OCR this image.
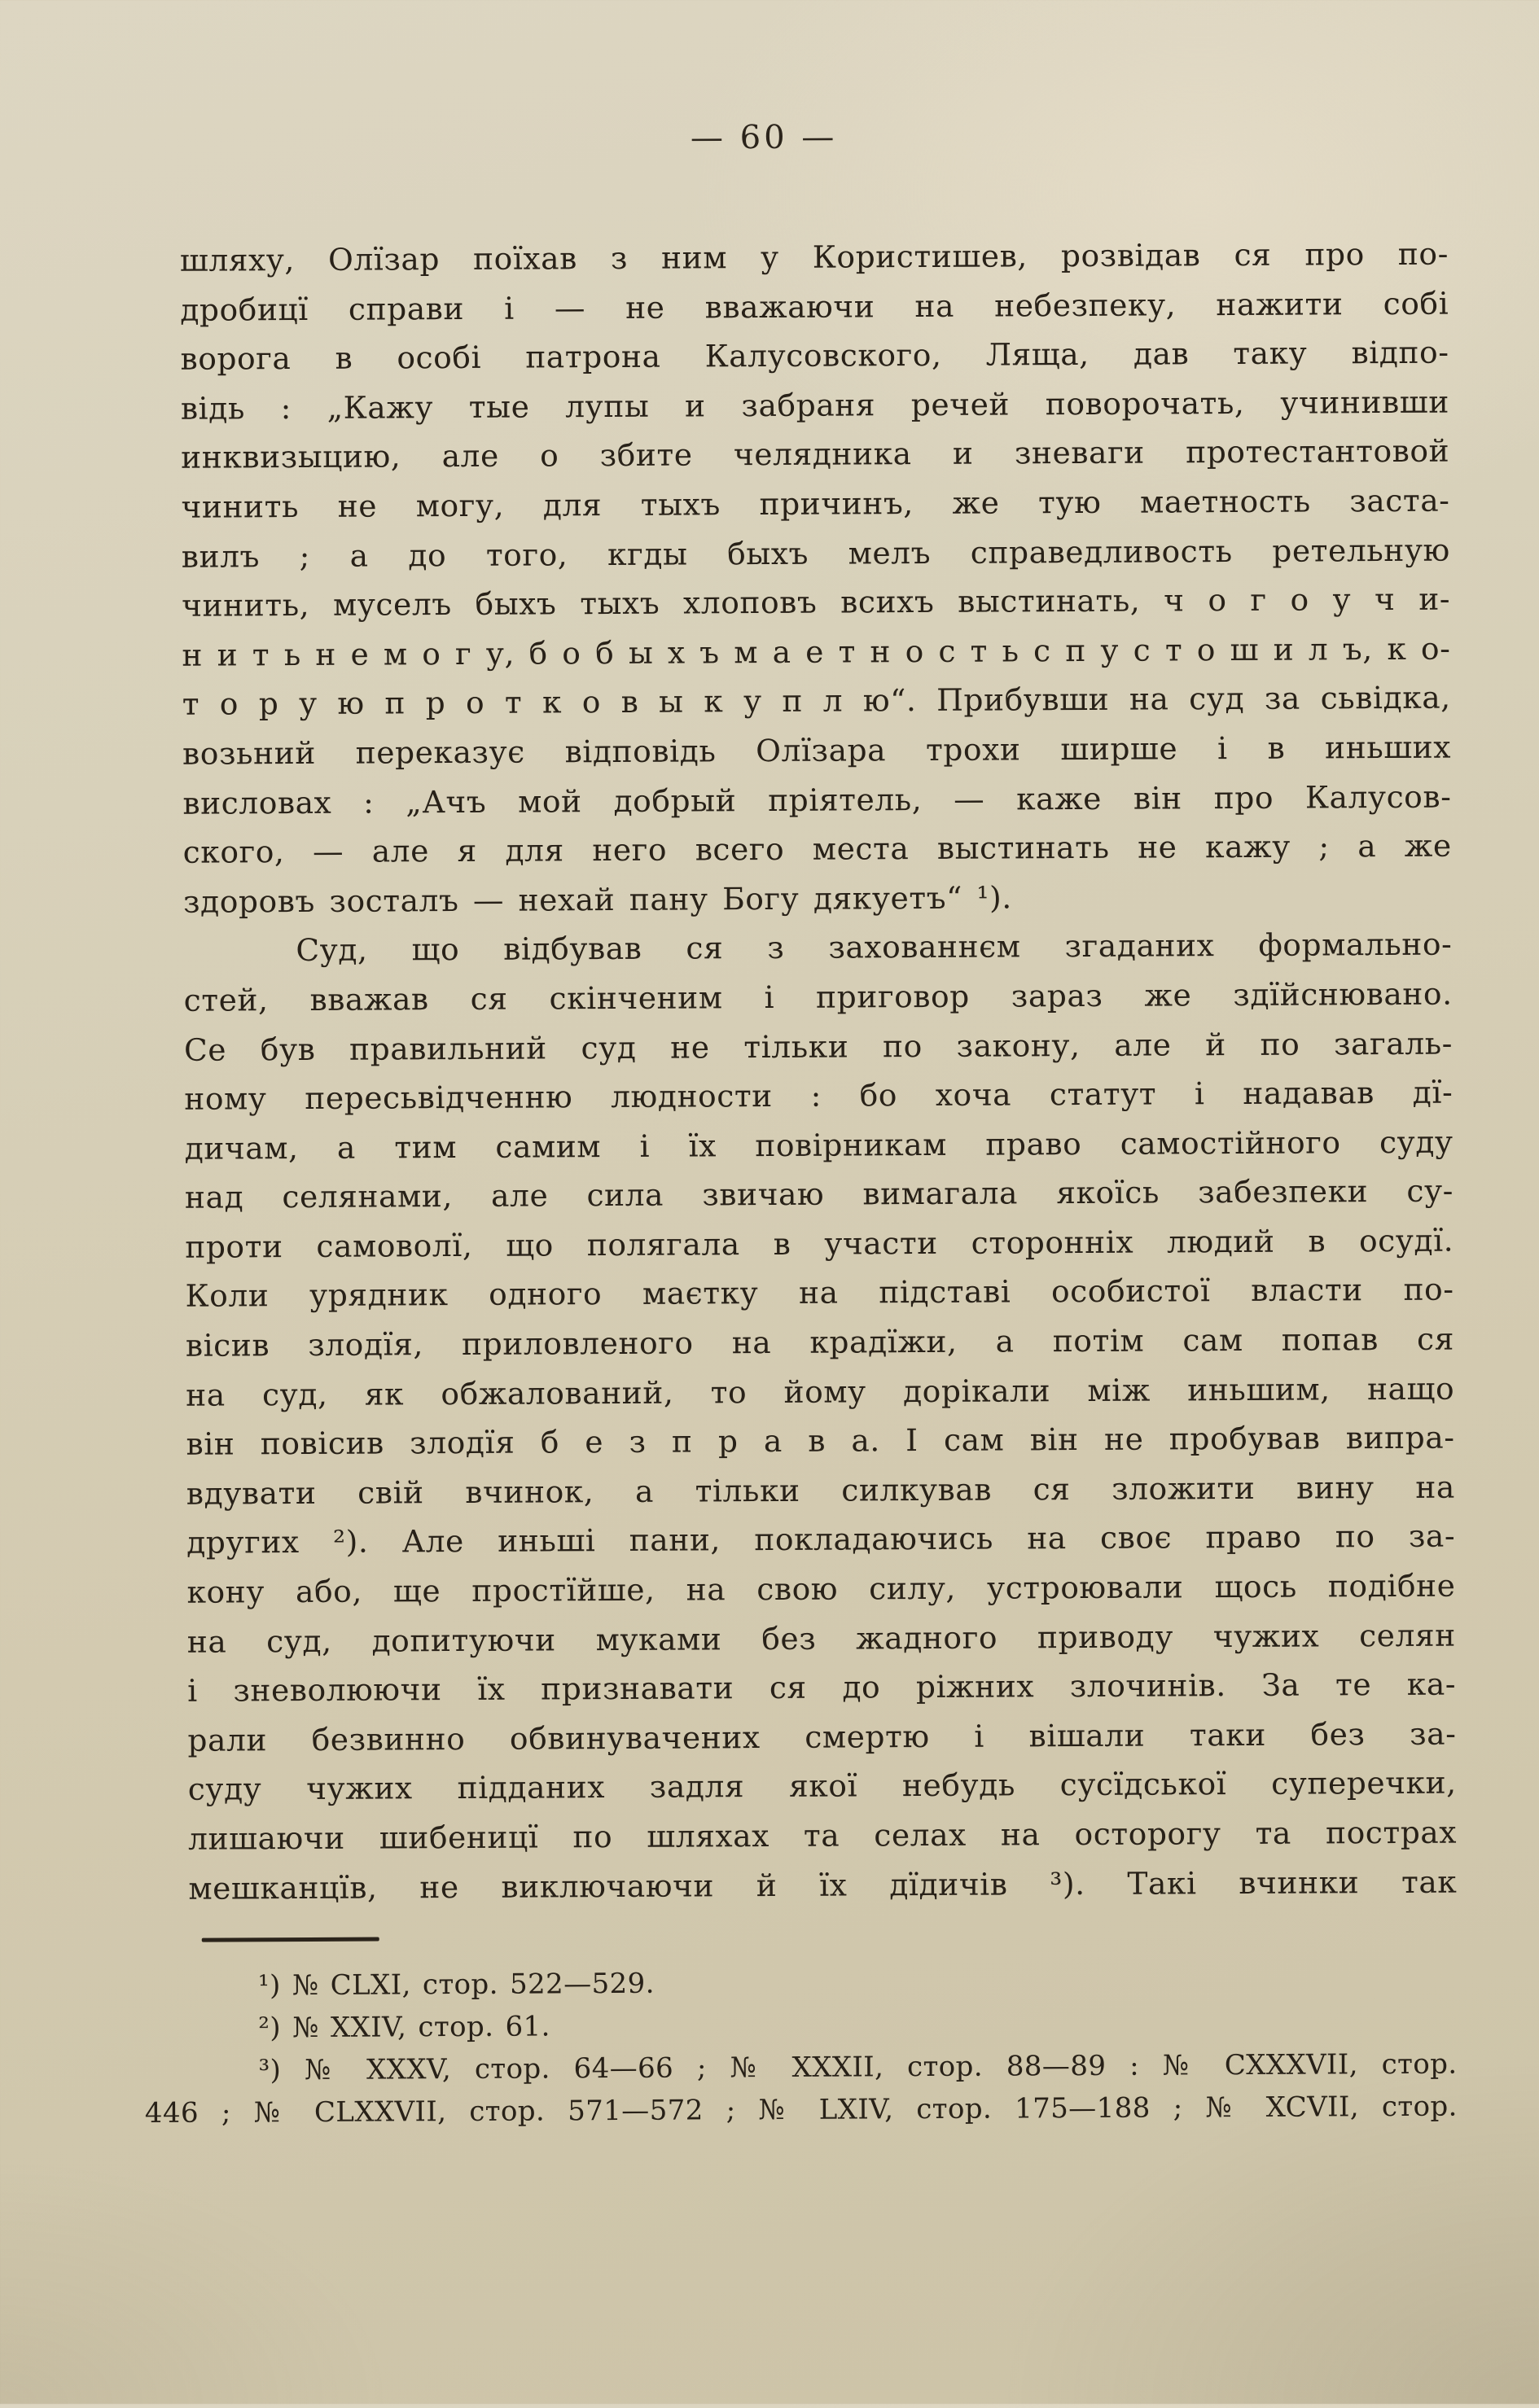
— 60 —
шляху, Олїзар поїхав з ним у Користишев, розвідав ся про по-
дробицї справи і — не вважаючи на небезпеку, нажити собі
ворога в особі патрона Калусовского, Ляща, дав таку відпо-
відь : „Кажу тые лупы и забраня речей поворочать, учинивши
инквизыцию, але о збите челядника и зневаги протестантовой
чинить не могу, для тыхъ причинъ, же тую маетность заста-
вилъ ; а до того, кгды быхъ мелъ справедливость ретельную
чинить, муселъ быхъ тыхъ хлоповъ всихъ выстинать, ч о г о у ч и-
н и т ь н е м о г у, б о б ы х ъ м а е т н о с т ь с п у с т о ш и л ъ, к о-
т о р у ю п р о т к о в ы к у п л ю“. Прибувши на суд за сьвідка,
возьний переказує відповідь Олїзара трохи ширше і в иньших
висловах : „Ачъ мой добрый пріятель, — каже він про Калусов-
ского, — але я для него всего места выстинать не кажу ; а же
здоровъ зосталъ — нехай пану Богу дякуетъ“ ¹).
Суд, що відбував ся з захованнєм згаданих формально-
стей, вважав ся скінченим і приговор зараз же здїйснювано.
Се був правильний суд не тільки по закону, але й по загаль-
ному пересьвідченню людности : бо хоча статут і надавав дї-
дичам, а тим самим і їх повірникам право самостійного суду
над селянами, але сила звичаю вимагала якоїсь забезпеки су-
проти самоволї, що полягала в участи сторонніх людий в осудї.
Коли урядник одного маєтку на підставі особистої власти по-
вісив злодїя, приловленого на крадїжи, а потім сам попав ся
на суд, як обжалований, то йому дорікали між иньшим, нащо
він повісив злодїя б е з п р а в а. І сам він не пробував випра-
вдувати свій вчинок, а тільки силкував ся зложити вину на
других ²). Але иньші пани, покладаючись на своє право по за-
кону або, ще простїйше, на свою силу, устроювали щось подібне
на суд, допитуючи муками без жадного приводу чужих селян
і зневолюючи їх признавати ся до ріжних злочинів. За те ка-
рали безвинно обвинувачених смертю і вішали таки без за-
суду чужих підданих задля якої небудь сусїдської суперечки,
лишаючи шибеницї по шляхах та селах на осторогу та пострах
мешканцїв, не виключаючи й їх дїдичів ³). Такі вчинки так
¹) № CLXI, стор. 522—529.
²) № XXIV, стор. 61.
³) № XXXV, стор. 64—66 ; № XXXII, стор. 88—89 : № CXXXVII, стор.
446 ; № CLXXVII, стор. 571—572 ; № LXIV, стор. 175—188 ; № XCVII, стор.
